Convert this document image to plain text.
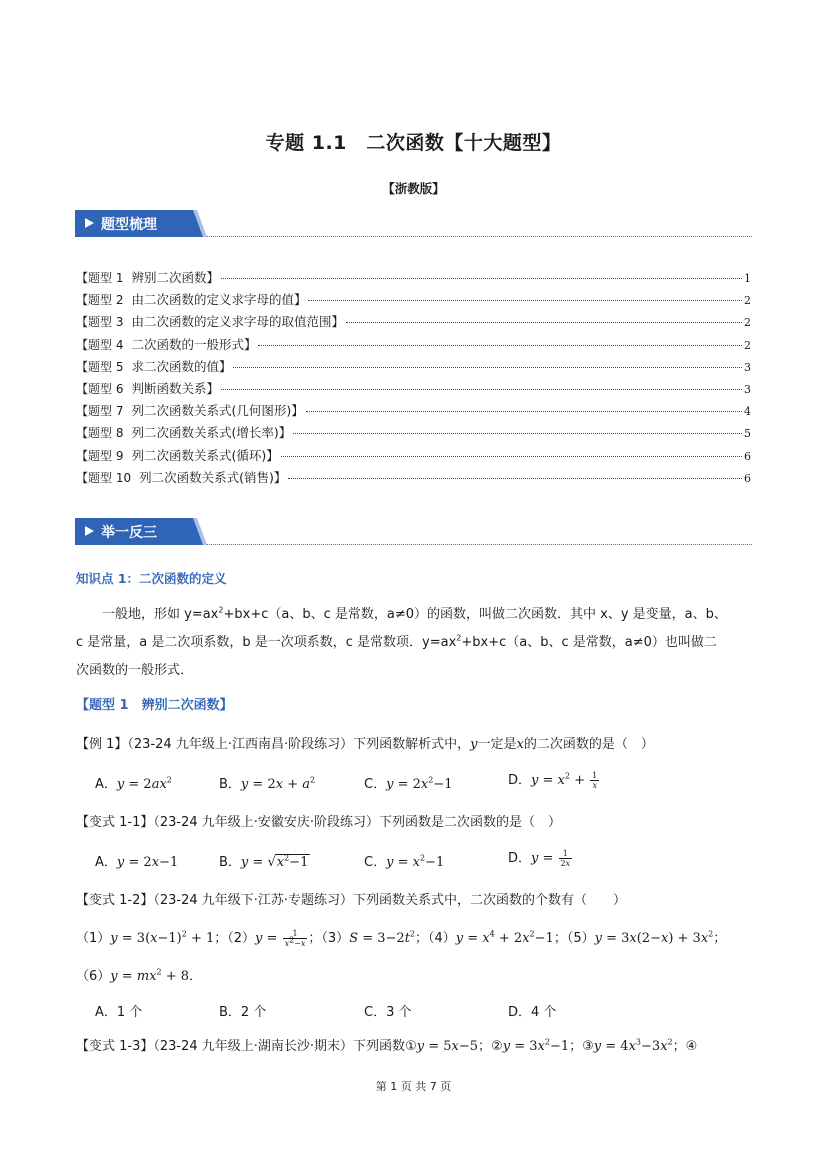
专题 1.1　二次函数【十大题型】
【浙教版】
题型梳理
【题型 1 辨别二次函数】	1
【题型 2 由二次函数的定义求字母的值】	2
【题型 3 由二次函数的定义求字母的取值范围】	2
【题型 4 二次函数的一般形式】	2
【题型 5 求二次函数的值】	3
【题型 6 判断函数关系】	3
【题型 7 列二次函数关系式(几何图形)】	4
【题型 8 列二次函数关系式(增长率)】	5
【题型 9 列二次函数关系式(循环)】	6
【题型 10 列二次函数关系式(销售)】	6
举一反三
知识点 1：二次函数的定义
一般地，形如 $y=ax^2+bx+c(a$、b、c 是常数，a≠0）的函数，叫做二次函数．其中 x、y 是变量，a、b、
c 是常量，a 是二次项系数，b 是一次项系数，c 是常数项．$y=ax^2+bx+c(a$、b、c 是常数，a≠0）也叫做二
次函数的一般形式．
【题型 1　辨别二次函数】
【例 1】（23-24 九年级上·江西南昌·阶段练习）下列函数解析式中，y一定是x的二次函数的是（　）
A．$y = 2ax^2$	B．$y = 2x + a^2$	C．$y = 2x^2-1$	D．$y = x^2 + \frac{1}{x}$
【变式 1-1】（23-24 九年级上·安徽安庆·阶段练习）下列函数是二次函数的是（　）
A．y = 2x−1	B．$y = √x^2-1$	C．$y = x^2-1$	D．$y = \frac{1}{2x}$
【变式 1-2】（23-24 九年级下·江苏·专题练习）下列函数关系式中，二次函数的个数有（　　）
$(1)y = 3(x-1)^2 + 1$；$(2)y = \frac{1}{x^2-x}$ ；$(3)S = 3-2t^2$；$(4)y = x^4 + 2x^2-1$；$(5)y = 3x(2-x) + 3x^2$；
$(6)y = mx^2 + 8$．
A．1 个	B．2 个	C．3 个	D．4 个
【变式 1-3】（23-24 九年级上·湖南长沙·期末）下列函数①y = 5x−5；②y = $3x^2-1$；③y = $4x^3-3x^2$；④
第 1 页 共 7 页
